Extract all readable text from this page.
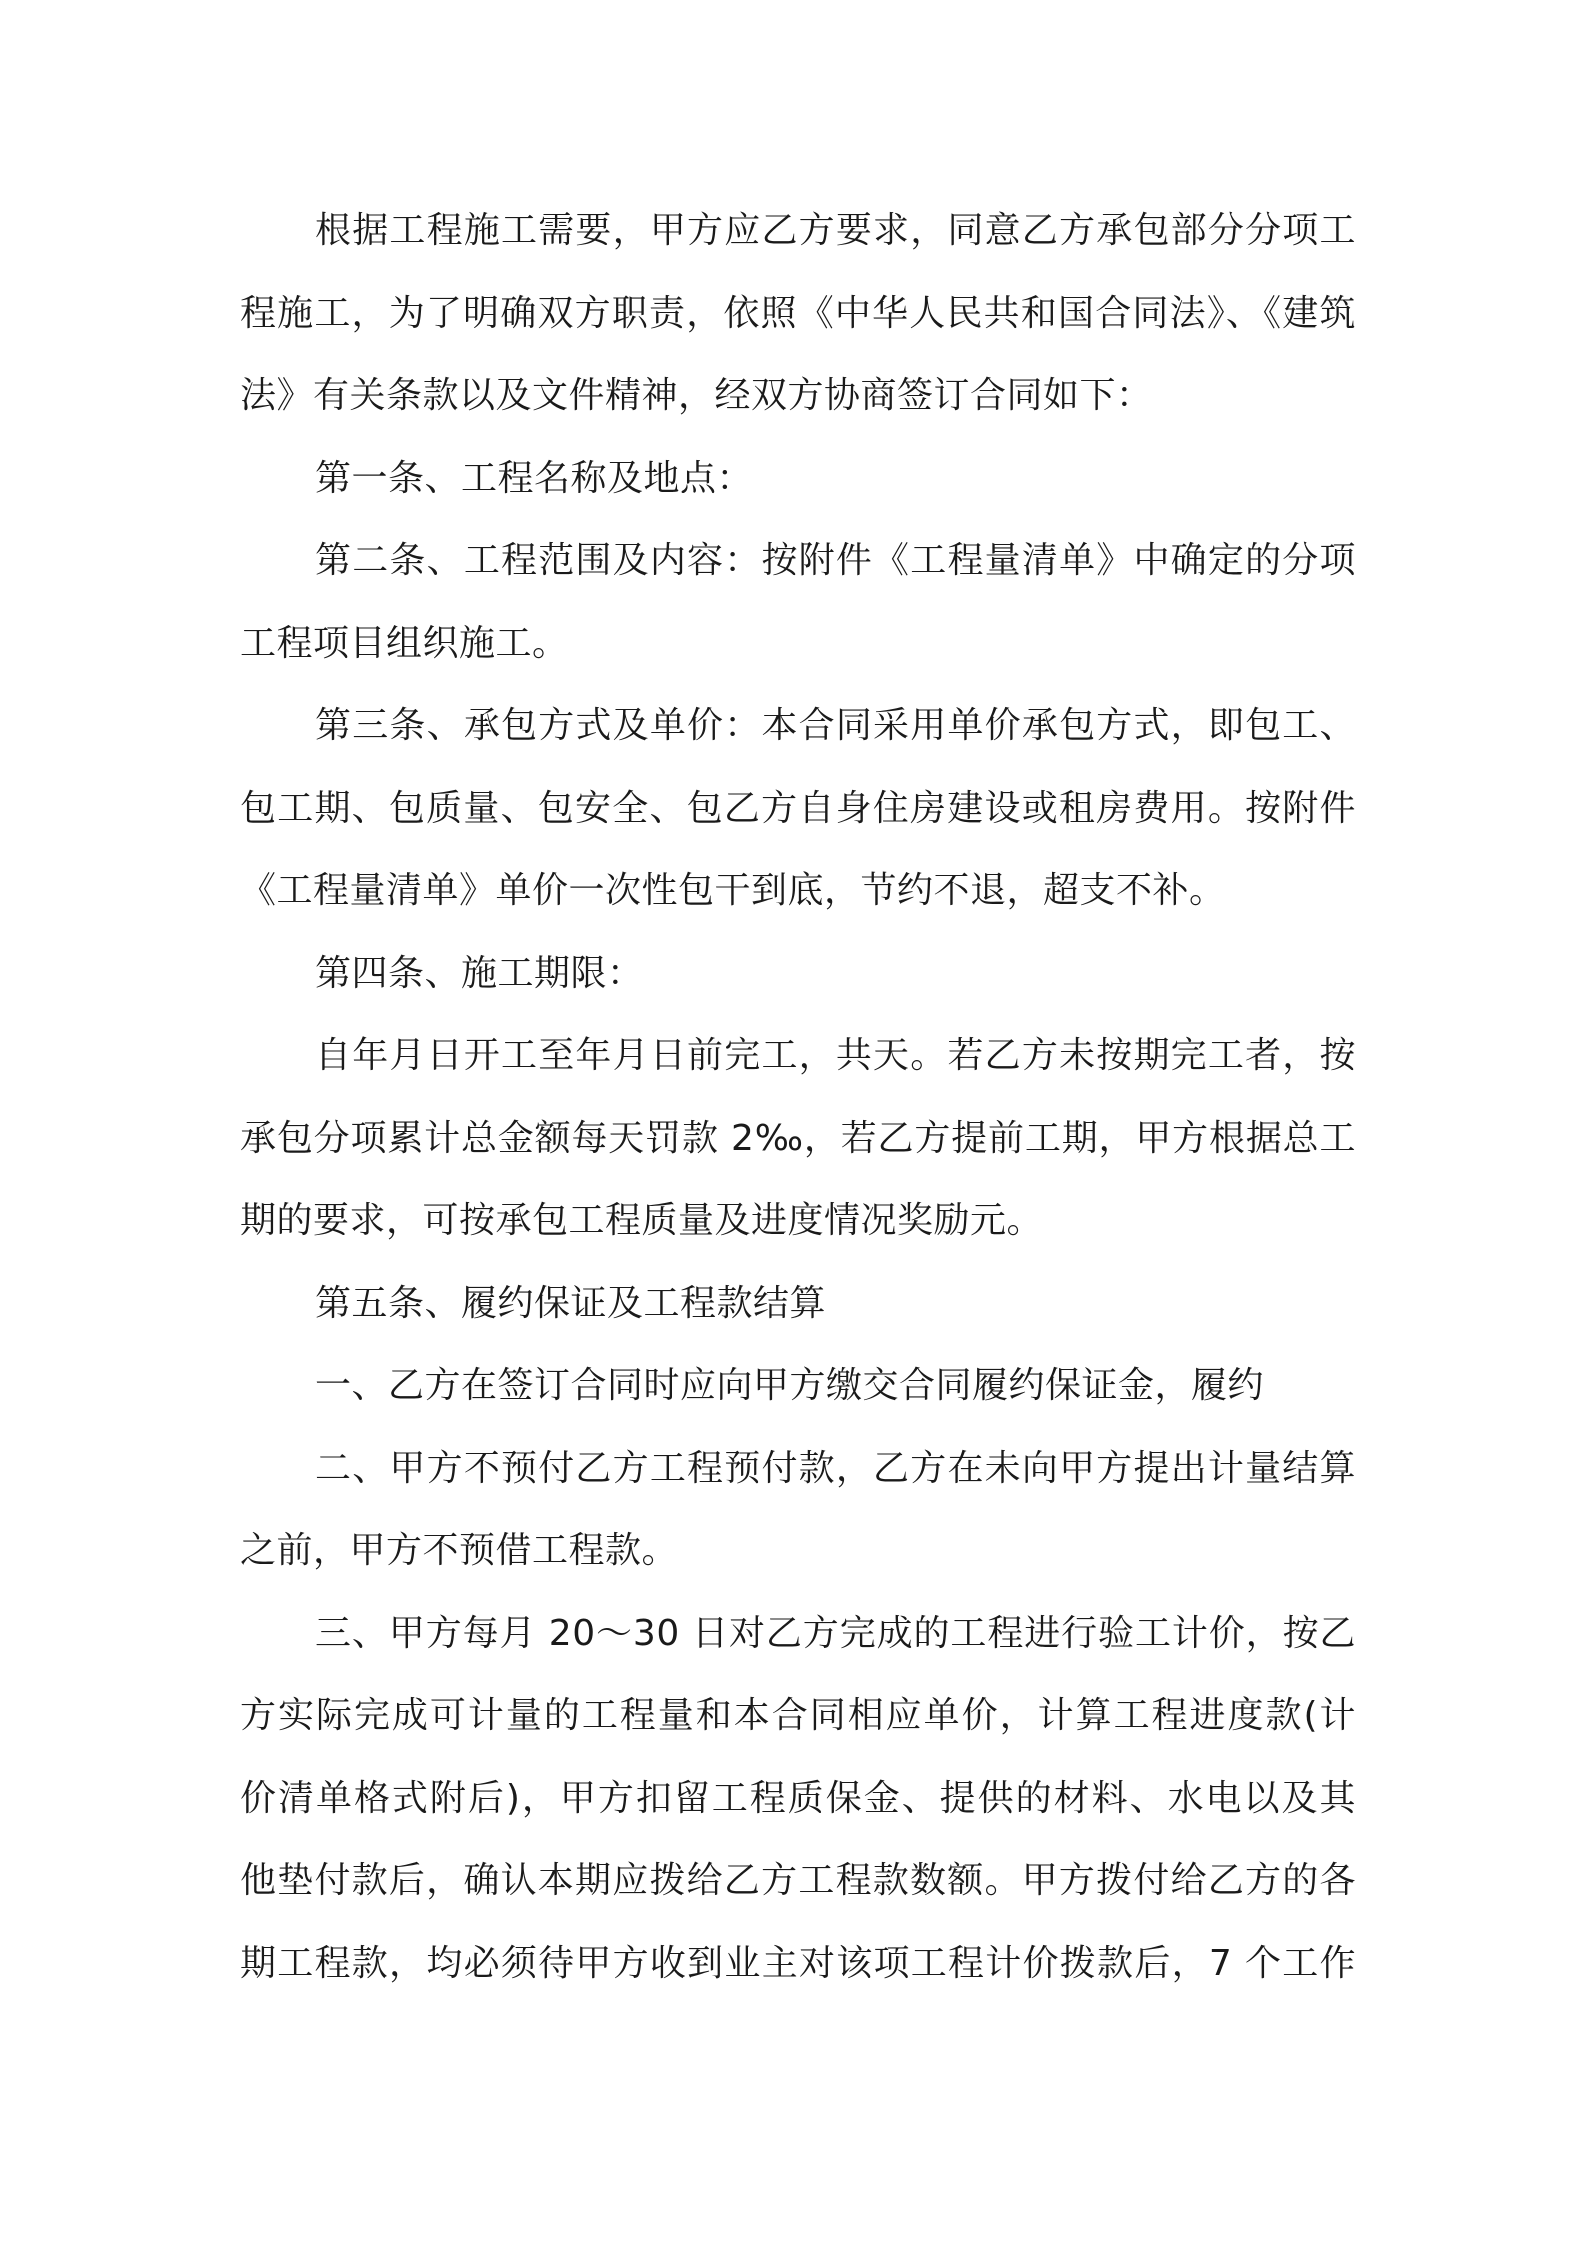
根据工程施工需要，甲方应乙方要求，同意乙方承包部分分项工
程施工，为了明确双方职责，依照《中华人民共和国合同法》、《建筑
法》有关条款以及文件精神，经双方协商签订合同如下：
第一条、工程名称及地点：
第二条、工程范围及内容：按附件《工程量清单》中确定的分项
工程项目组织施工。
第三条、承包方式及单价：本合同采用单价承包方式，即包工、
包工期、包质量、包安全、包乙方自身住房建设或租房费用。按附件
《工程量清单》单价一次性包干到底，节约不退，超支不补。
第四条、施工期限：
自年月日开工至年月日前完工，共天。若乙方未按期完工者，按
承包分项累计总金额每天罚款 2‰，若乙方提前工期，甲方根据总工
期的要求，可按承包工程质量及进度情况奖励元。
第五条、履约保证及工程款结算
一、乙方在签订合同时应向甲方缴交合同履约保证金，履约
二、甲方不预付乙方工程预付款，乙方在未向甲方提出计量结算
之前，甲方不预借工程款。
三、甲方每月 20～30 日对乙方完成的工程进行验工计价，按乙
方实际完成可计量的工程量和本合同相应单价，计算工程进度款(计
价清单格式附后)，甲方扣留工程质保金、提供的材料、水电以及其
他垫付款后，确认本期应拨给乙方工程款数额。甲方拨付给乙方的各
期工程款，均必须待甲方收到业主对该项工程计价拨款后，7 个工作
